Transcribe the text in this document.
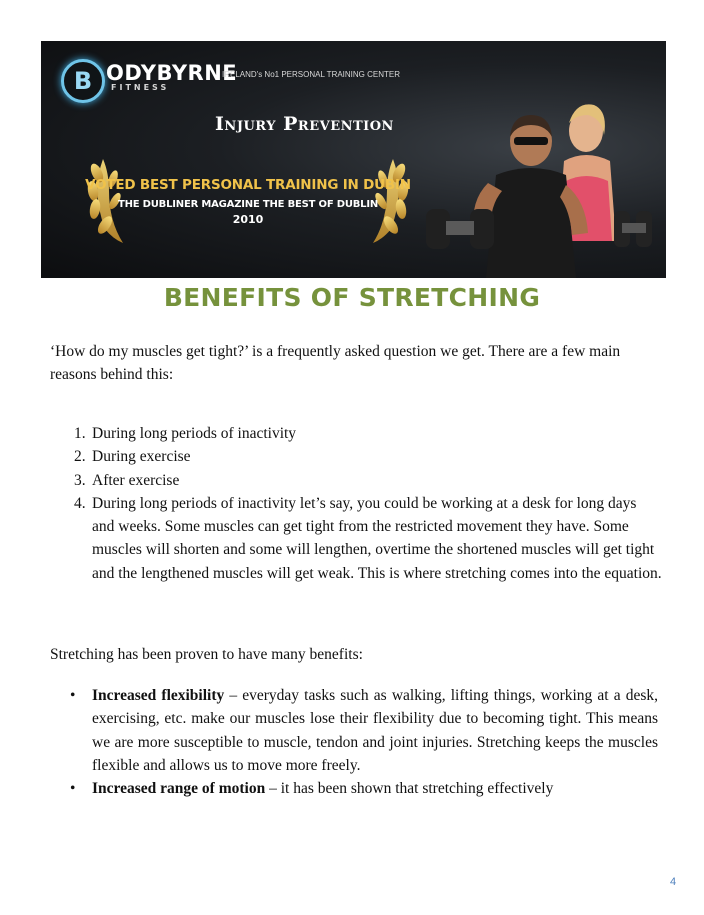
B ODYBYRNE
FITNESS
IRELAND's No1 PERSONAL TRAINING CENTER
Injury Prevention
VOTED BEST PERSONAL TRAINING IN DUBIN
THE DUBLINER MAGAZINE THE BEST OF DUBLIN
2010
BENEFITS OF STRETCHING

‘How do my muscles get tight?’ is a frequently asked question we get. There are a few main reasons behind this:

1. During long periods of inactivity
2. During exercise
3. After exercise
4. During long periods of inactivity let’s say, you could be working at a desk for long days and weeks. Some muscles can get tight from the restricted movement they have. Some muscles will shorten and some will lengthen, overtime the shortened muscles will get tight and the lengthened muscles will get weak. This is where stretching comes into the equation.

Stretching has been proven to have many benefits:

• Increased flexibility – everyday tasks such as walking, lifting things, working at a desk, exercising, etc. make our muscles lose their flexibility due to becoming tight. This means we are more susceptible to muscle, tendon and joint injuries. Stretching keeps the muscles flexible and allows us to move more freely.
• Increased range of motion – it has been shown that stretching effectively
4
